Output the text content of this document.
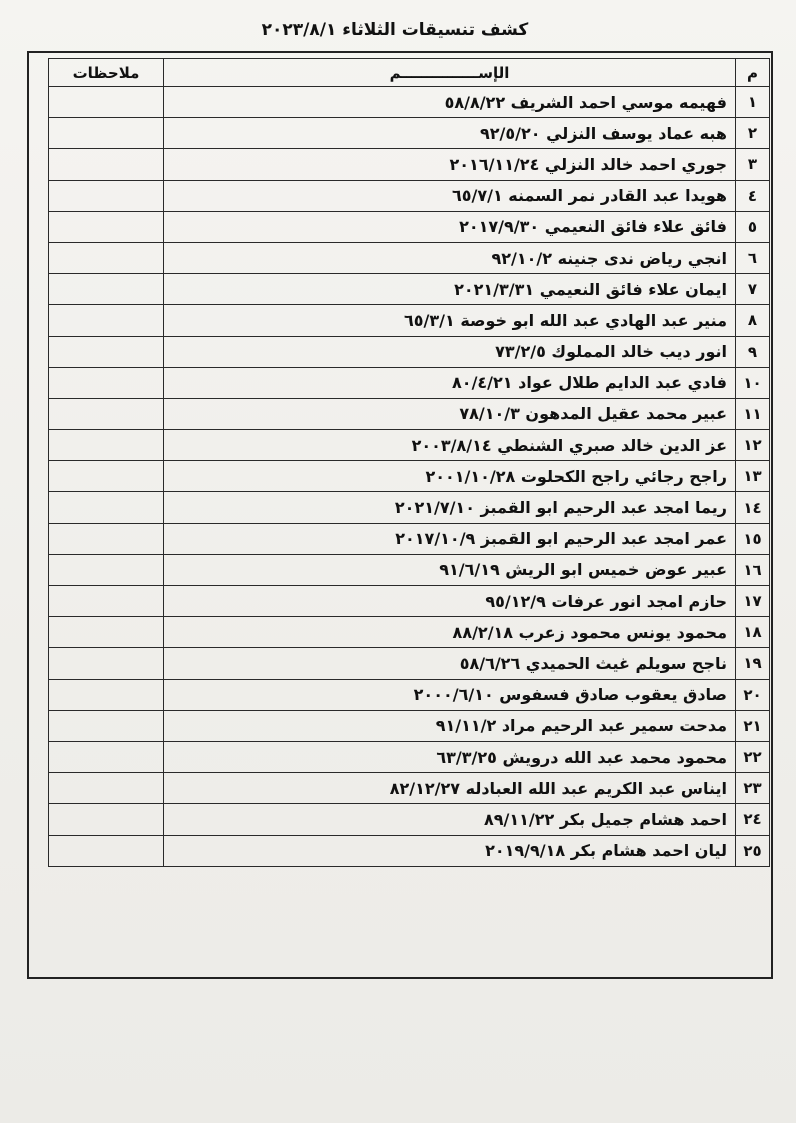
كشف تنسيقات الثلاثاء ٢٠٢٣/٨/١
م	الإســـــــــــــــم	ملاحظات
١	فهيمه موسي احمد الشريف ٥٨/٨/٢٢	
٢	هبه عماد يوسف النزلي ٩٢/٥/٢٠	
٣	جوري احمد خالد النزلي ٢٠١٦/١١/٢٤	
٤	هويدا عبد القادر نمر السمنه ٦٥/٧/١	
٥	فائق علاء فائق النعيمي ٢٠١٧/٩/٣٠	
٦	انجي رياض ندى جنينه ٩٢/١٠/٢	
٧	ايمان علاء فائق النعيمي ٢٠٢١/٣/٣١	
٨	منير عبد الهادي عبد الله ابو خوصة ٦٥/٣/١	
٩	انور ديب خالد المملوك ٧٣/٢/٥	
١٠	فادي عبد الدايم طلال عواد ٨٠/٤/٢١	
١١	عبير محمد عقيل المدهون ٧٨/١٠/٣	
١٢	عز الدين خالد صبري الشنطي ٢٠٠٣/٨/١٤	
١٣	راجح رجائي راجح الكحلوت ٢٠٠١/١٠/٢٨	
١٤	ريما امجد عبد الرحيم ابو القمبز ٢٠٢١/٧/١٠	
١٥	عمر امجد عبد الرحيم ابو القمبز ٢٠١٧/١٠/٩	
١٦	عبير عوض خميس ابو الريش ٩١/٦/١٩	
١٧	حازم امجد انور عرفات ٩٥/١٢/٩	
١٨	محمود يونس محمود زعرب ٨٨/٢/١٨	
١٩	ناجح سويلم غيث الحميدي ٥٨/٦/٢٦	
٢٠	صادق يعقوب صادق فسفوس ٢٠٠٠/٦/١٠	
٢١	مدحت سمير عبد الرحيم مراد ٩١/١١/٢	
٢٢	محمود محمد عبد الله درويش ٦٣/٣/٢٥	
٢٣	ايناس عبد الكريم عبد الله العبادله ٨٢/١٢/٢٧	
٢٤	احمد هشام جميل بكر ٨٩/١١/٢٢	
٢٥	ليان احمد هشام بكر ٢٠١٩/٩/١٨	
